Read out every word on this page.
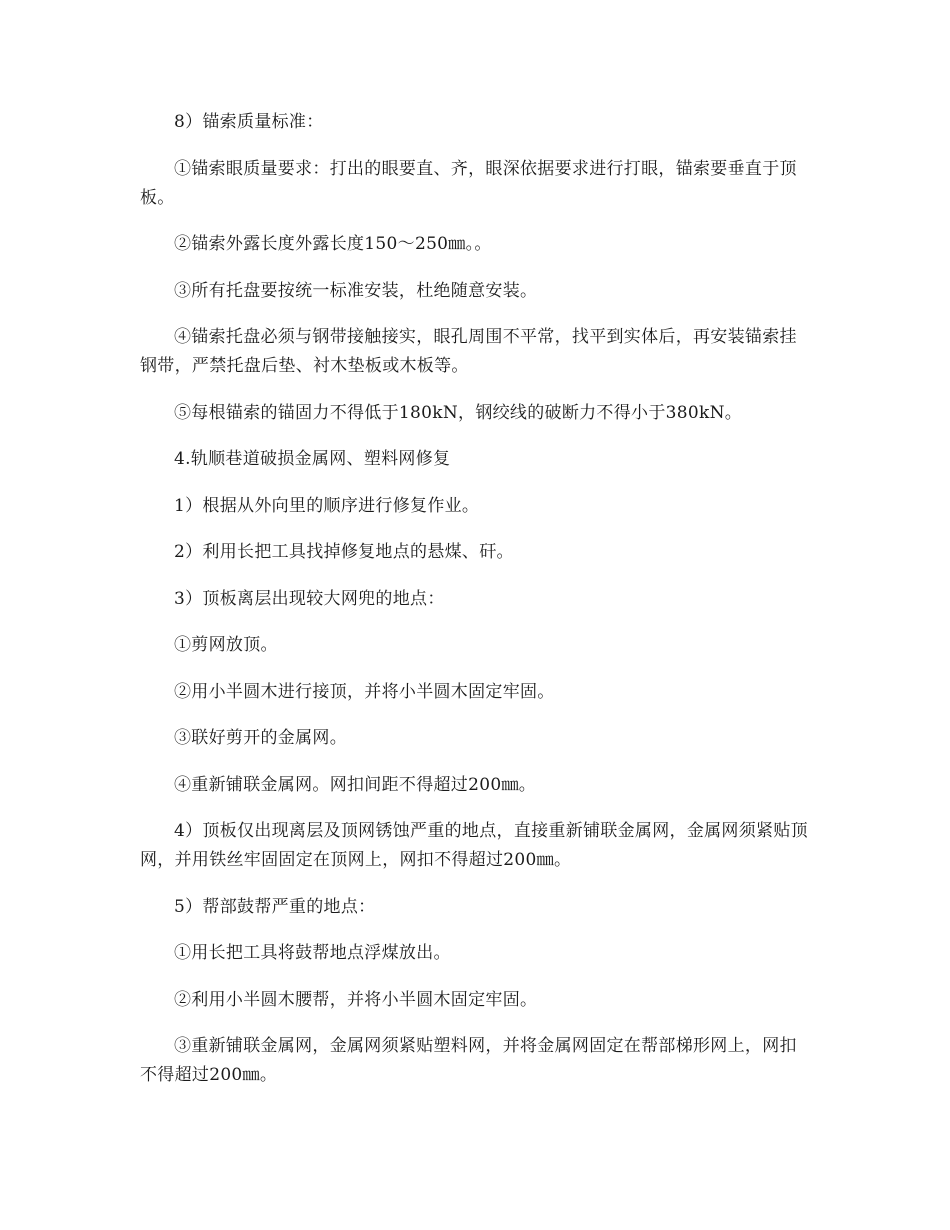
8）锚索质量标准：

①锚索眼质量要求：打出的眼要直、齐，眼深依据要求进行打眼，锚索要垂直于顶板。

②锚索外露长度外露长度150～250㎜。。

③所有托盘要按统一标准安装，杜绝随意安装。

④锚索托盘必须与钢带接触接实，眼孔周围不平常，找平到实体后，再安装锚索挂钢带，严禁托盘后垫、衬木垫板或木板等。

⑤每根锚索的锚固力不得低于180kN，钢绞线的破断力不得小于380kN。

4.轨顺巷道破损金属网、塑料网修复

1）根据从外向里的顺序进行修复作业。

2）利用长把工具找掉修复地点的悬煤、矸。

3）顶板离层出现较大网兜的地点：

①剪网放顶。

②用小半圆木进行接顶，并将小半圆木固定牢固。

③联好剪开的金属网。

④重新铺联金属网。网扣间距不得超过200㎜。

4）顶板仅出现离层及顶网锈蚀严重的地点，直接重新铺联金属网，金属网须紧贴顶网，并用铁丝牢固固定在顶网上，网扣不得超过200㎜。

5）帮部鼓帮严重的地点：

①用长把工具将鼓帮地点浮煤放出。

②利用小半圆木腰帮，并将小半圆木固定牢固。

③重新铺联金属网，金属网须紧贴塑料网，并将金属网固定在帮部梯形网上，网扣不得超过200㎜。
